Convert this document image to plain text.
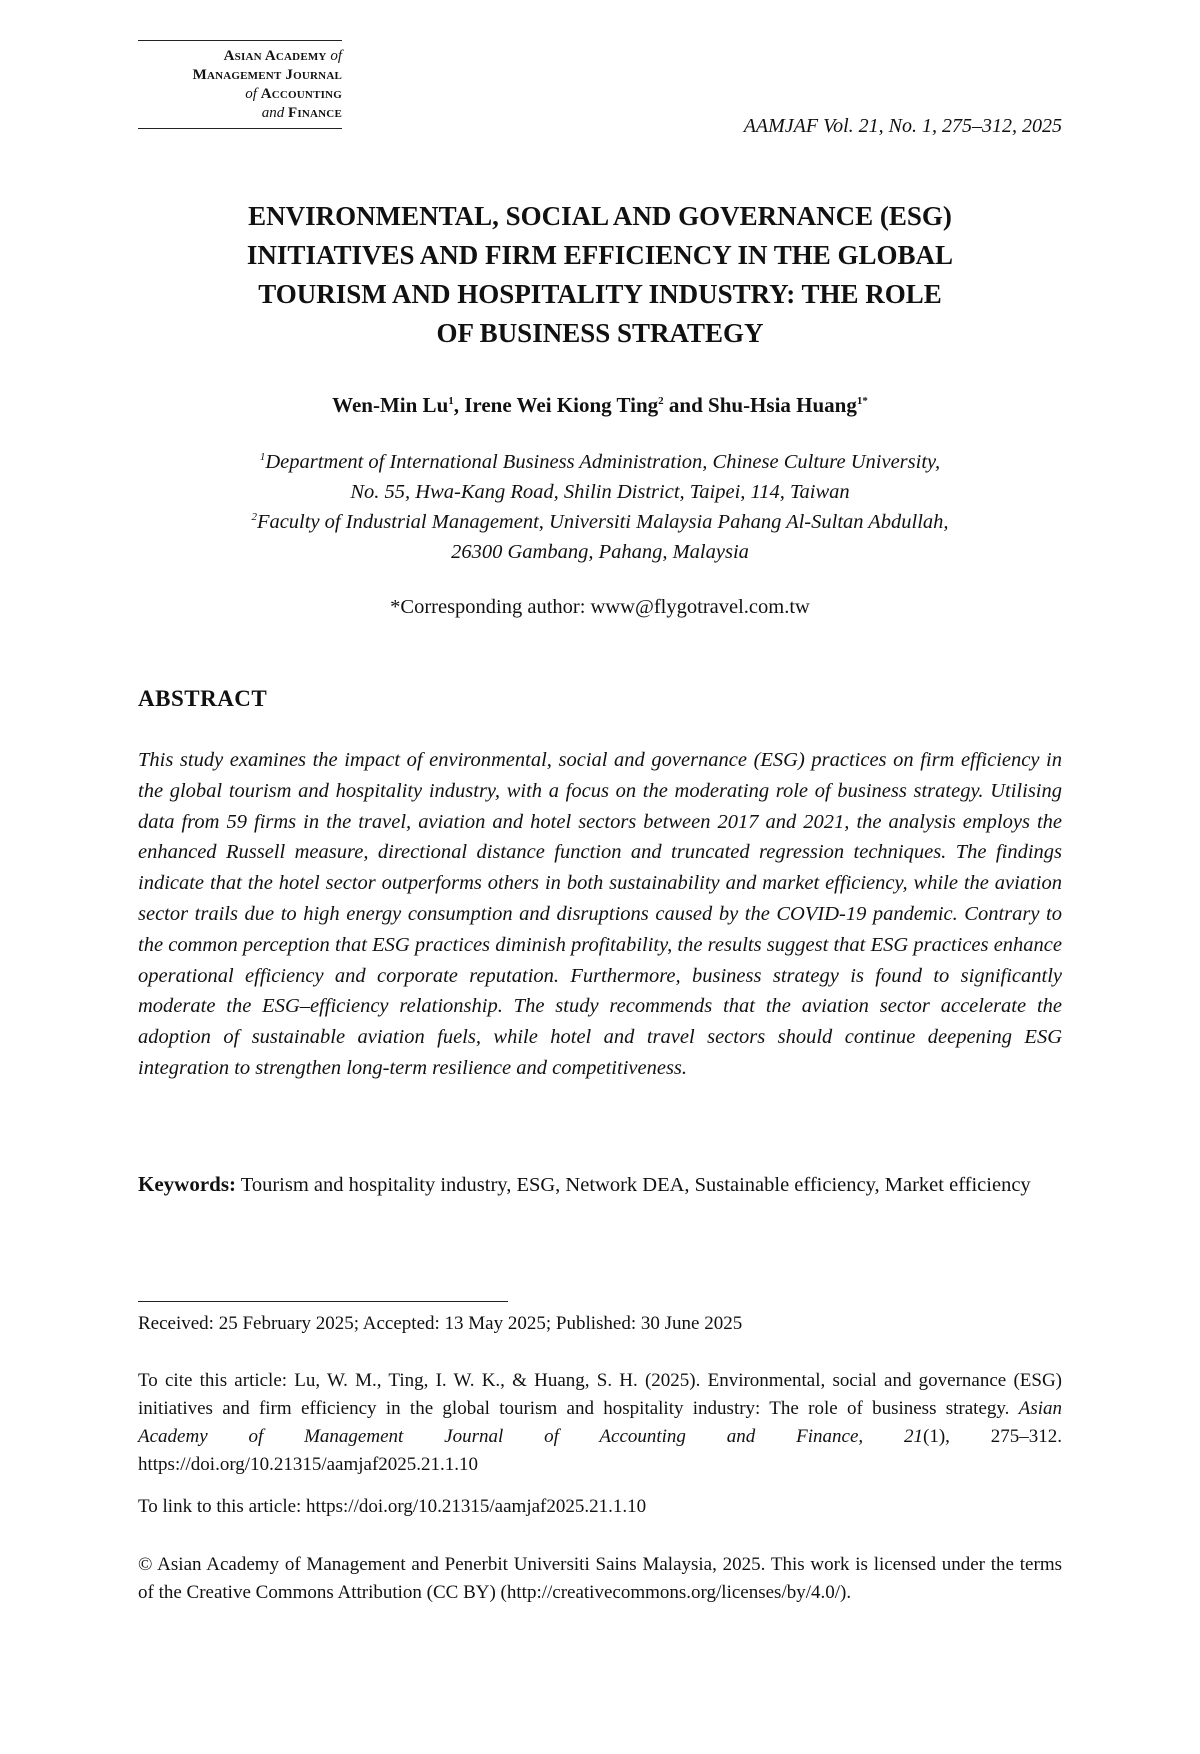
Asian Academy of
Management Journal
of Accounting
and Finance
AAMJAF Vol. 21, No. 1, 275–312, 2025
ENVIRONMENTAL, SOCIAL AND GOVERNANCE (ESG)
INITIATIVES AND FIRM EFFICIENCY IN THE GLOBAL
TOURISM AND HOSPITALITY INDUSTRY: THE ROLE
OF BUSINESS STRATEGY
Wen-Min Lu$^1$, Irene Wei Kiong Ting$^2$ and Shu-Hsia Huang$^{1*}$

$^1$Department of International Business Administration, Chinese Culture University,
No. 55, Hwa-Kang Road, Shilin District, Taipei, 114, Taiwan

$^2$Faculty of Industrial Management, Universiti Malaysia Pahang Al-Sultan Abdullah,
26300 Gambang, Pahang, Malaysia

*Corresponding author: www@flygotravel.com.tw
ABSTRACT

This study examines the impact of environmental, social and governance (ESG) practices on firm efficiency in the global tourism and hospitality industry, with a focus on the moderating role of business strategy. Utilising data from 59 firms in the travel, aviation and hotel sectors between 2017 and 2021, the analysis employs the enhanced Russell measure, directional distance function and truncated regression techniques. The findings indicate that the hotel sector outperforms others in both sustainability and market efficiency, while the aviation sector trails due to high energy consumption and disruptions caused by the COVID-19 pandemic. Contrary to the common perception that ESG practices diminish profitability, the results suggest that ESG practices enhance operational efficiency and corporate reputation. Furthermore, business strategy is found to significantly moderate the ESG–efficiency relationship. The study recommends that the aviation sector accelerate the adoption of sustainable aviation fuels, while hotel and travel sectors should continue deepening ESG integration to strengthen long-term resilience and competitiveness.

Keywords: Tourism and hospitality industry, ESG, Network DEA, Sustainable efficiency, Market efficiency

Received: 25 February 2025; Accepted: 13 May 2025; Published: 30 June 2025

To cite this article: Lu, W. M., Ting, I. W. K., & Huang, S. H. (2025). Environmental, social and governance (ESG) initiatives and firm efficiency in the global tourism and hospitality industry: The role of business strategy. Asian Academy of Management Journal of Accounting and Finance, 21(1), 275–312. https://doi.org/10.21315/aamjaf2025.21.1.10

To link to this article: https://doi.org/10.21315/aamjaf2025.21.1.10

© Asian Academy of Management and Penerbit Universiti Sains Malaysia, 2025. This work is licensed under the terms of the Creative Commons Attribution (CC BY) (http://creativecommons.org/licenses/by/4.0/).
